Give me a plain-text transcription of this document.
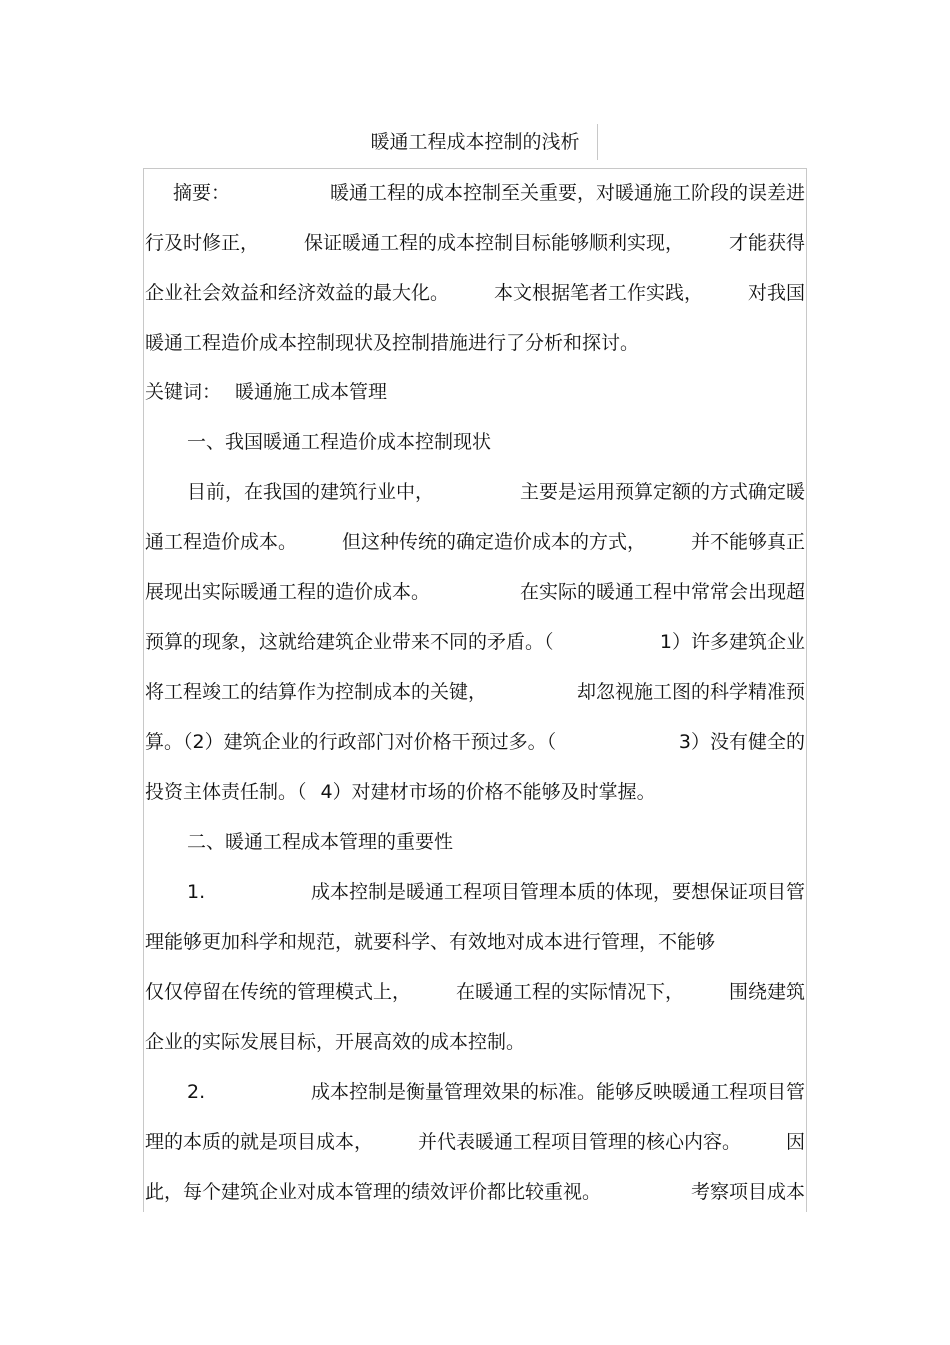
暖通工程成本控制的浅析
摘要：	暖通工程的成本控制至关重要，对暖通施工阶段的误差进
行及时修正， 保证暖通工程的成本控制目标能够顺利实现， 才能获得
企业社会效益和经济效益的最大化。 本文根据笔者工作实践， 对我国
暖通工程造价成本控制现状及控制措施进行了分析和探讨。
关键词： 暖通施工成本管理
一、我国暖通工程造价成本控制现状
目前，在我国的建筑行业中，	主要是运用预算定额的方式确定暖
通工程造价成本。 但这种传统的确定造价成本的方式， 并不能够真正
展现出实际暖通工程的造价成本。	在实际的暖通工程中常常会出现超
预算的现象，这就给建筑企业带来不同的矛盾。（	1）许多建筑企业
将工程竣工的结算作为控制成本的关键，	却忽视施工图的科学精准预
算。（2）建筑企业的行政部门对价格干预过多。（	3）没有健全的
投资主体责任制。（ 4）对建材市场的价格不能够及时掌握。
二、暖通工程成本管理的重要性
1.	成本控制是暖通工程项目管理本质的体现，要想保证项目管
理能够更加科学和规范，就要科学、有效地对成本进行管理，不能够
仅仅停留在传统的管理模式上， 在暖通工程的实际情况下， 围绕建筑
企业的实际发展目标，开展高效的成本控制。
2.	成本控制是衡量管理效果的标准。能够反映暖通工程项目管
理的本质的就是项目成本， 并代表暖通工程项目管理的核心内容。 因
此，每个建筑企业对成本管理的绩效评价都比较重视。	考察项目成本
